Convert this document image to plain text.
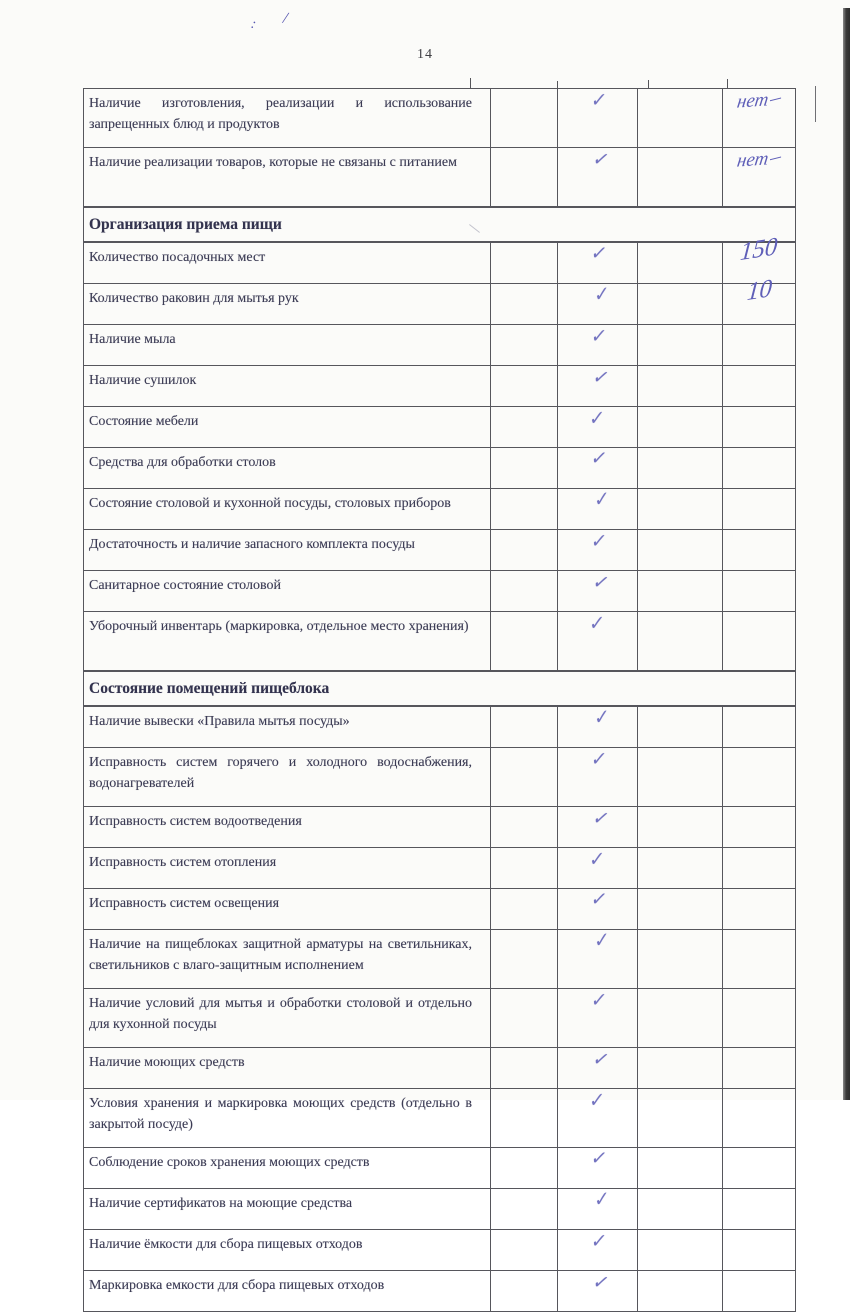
14
: /
Наличие изготовления, реализации и использование запрещенных блюд и продуктов		✓		нет
Наличие реализации товаров, которые не связаны с питанием		✓		нет
Организация приема пищи				
Количество посадочных мест		✓		150
Количество раковин для мытья рук		✓		10
Наличие мыла		✓		
Наличие сушилок		✓		
Состояние мебели		✓		
Средства для обработки столов		✓		
Состояние столовой и кухонной посуды, столовых приборов		✓		
Достаточность и наличие запасного комплекта посуды		✓		
Санитарное состояние столовой		✓		
Уборочный инвентарь (маркировка, отдельное место хранения)		✓		
Состояние помещений пищеблока				
Наличие вывески «Правила мытья посуды»		✓		
Исправность систем горячего и холодного водоснабжения, водонагревателей		✓		
Исправность систем водоотведения		✓		
Исправность систем отопления		✓		
Исправность систем освещения		✓		
Наличие на пищеблоках защитной арматуры на светильниках, светильников с влаго-защитным исполнением		✓		
Наличие условий для мытья и обработки столовой и отдельно для кухонной посуды		✓		
Наличие моющих средств		✓		
Условия хранения и маркировка моющих средств (отдельно в закрытой посуде)		✓		
Соблюдение сроков хранения моющих средств		✓		
Наличие сертификатов на моющие средства		✓		
Наличие ёмкости для сбора пищевых отходов		✓		
Маркировка емкости для сбора пищевых отходов		✓		
